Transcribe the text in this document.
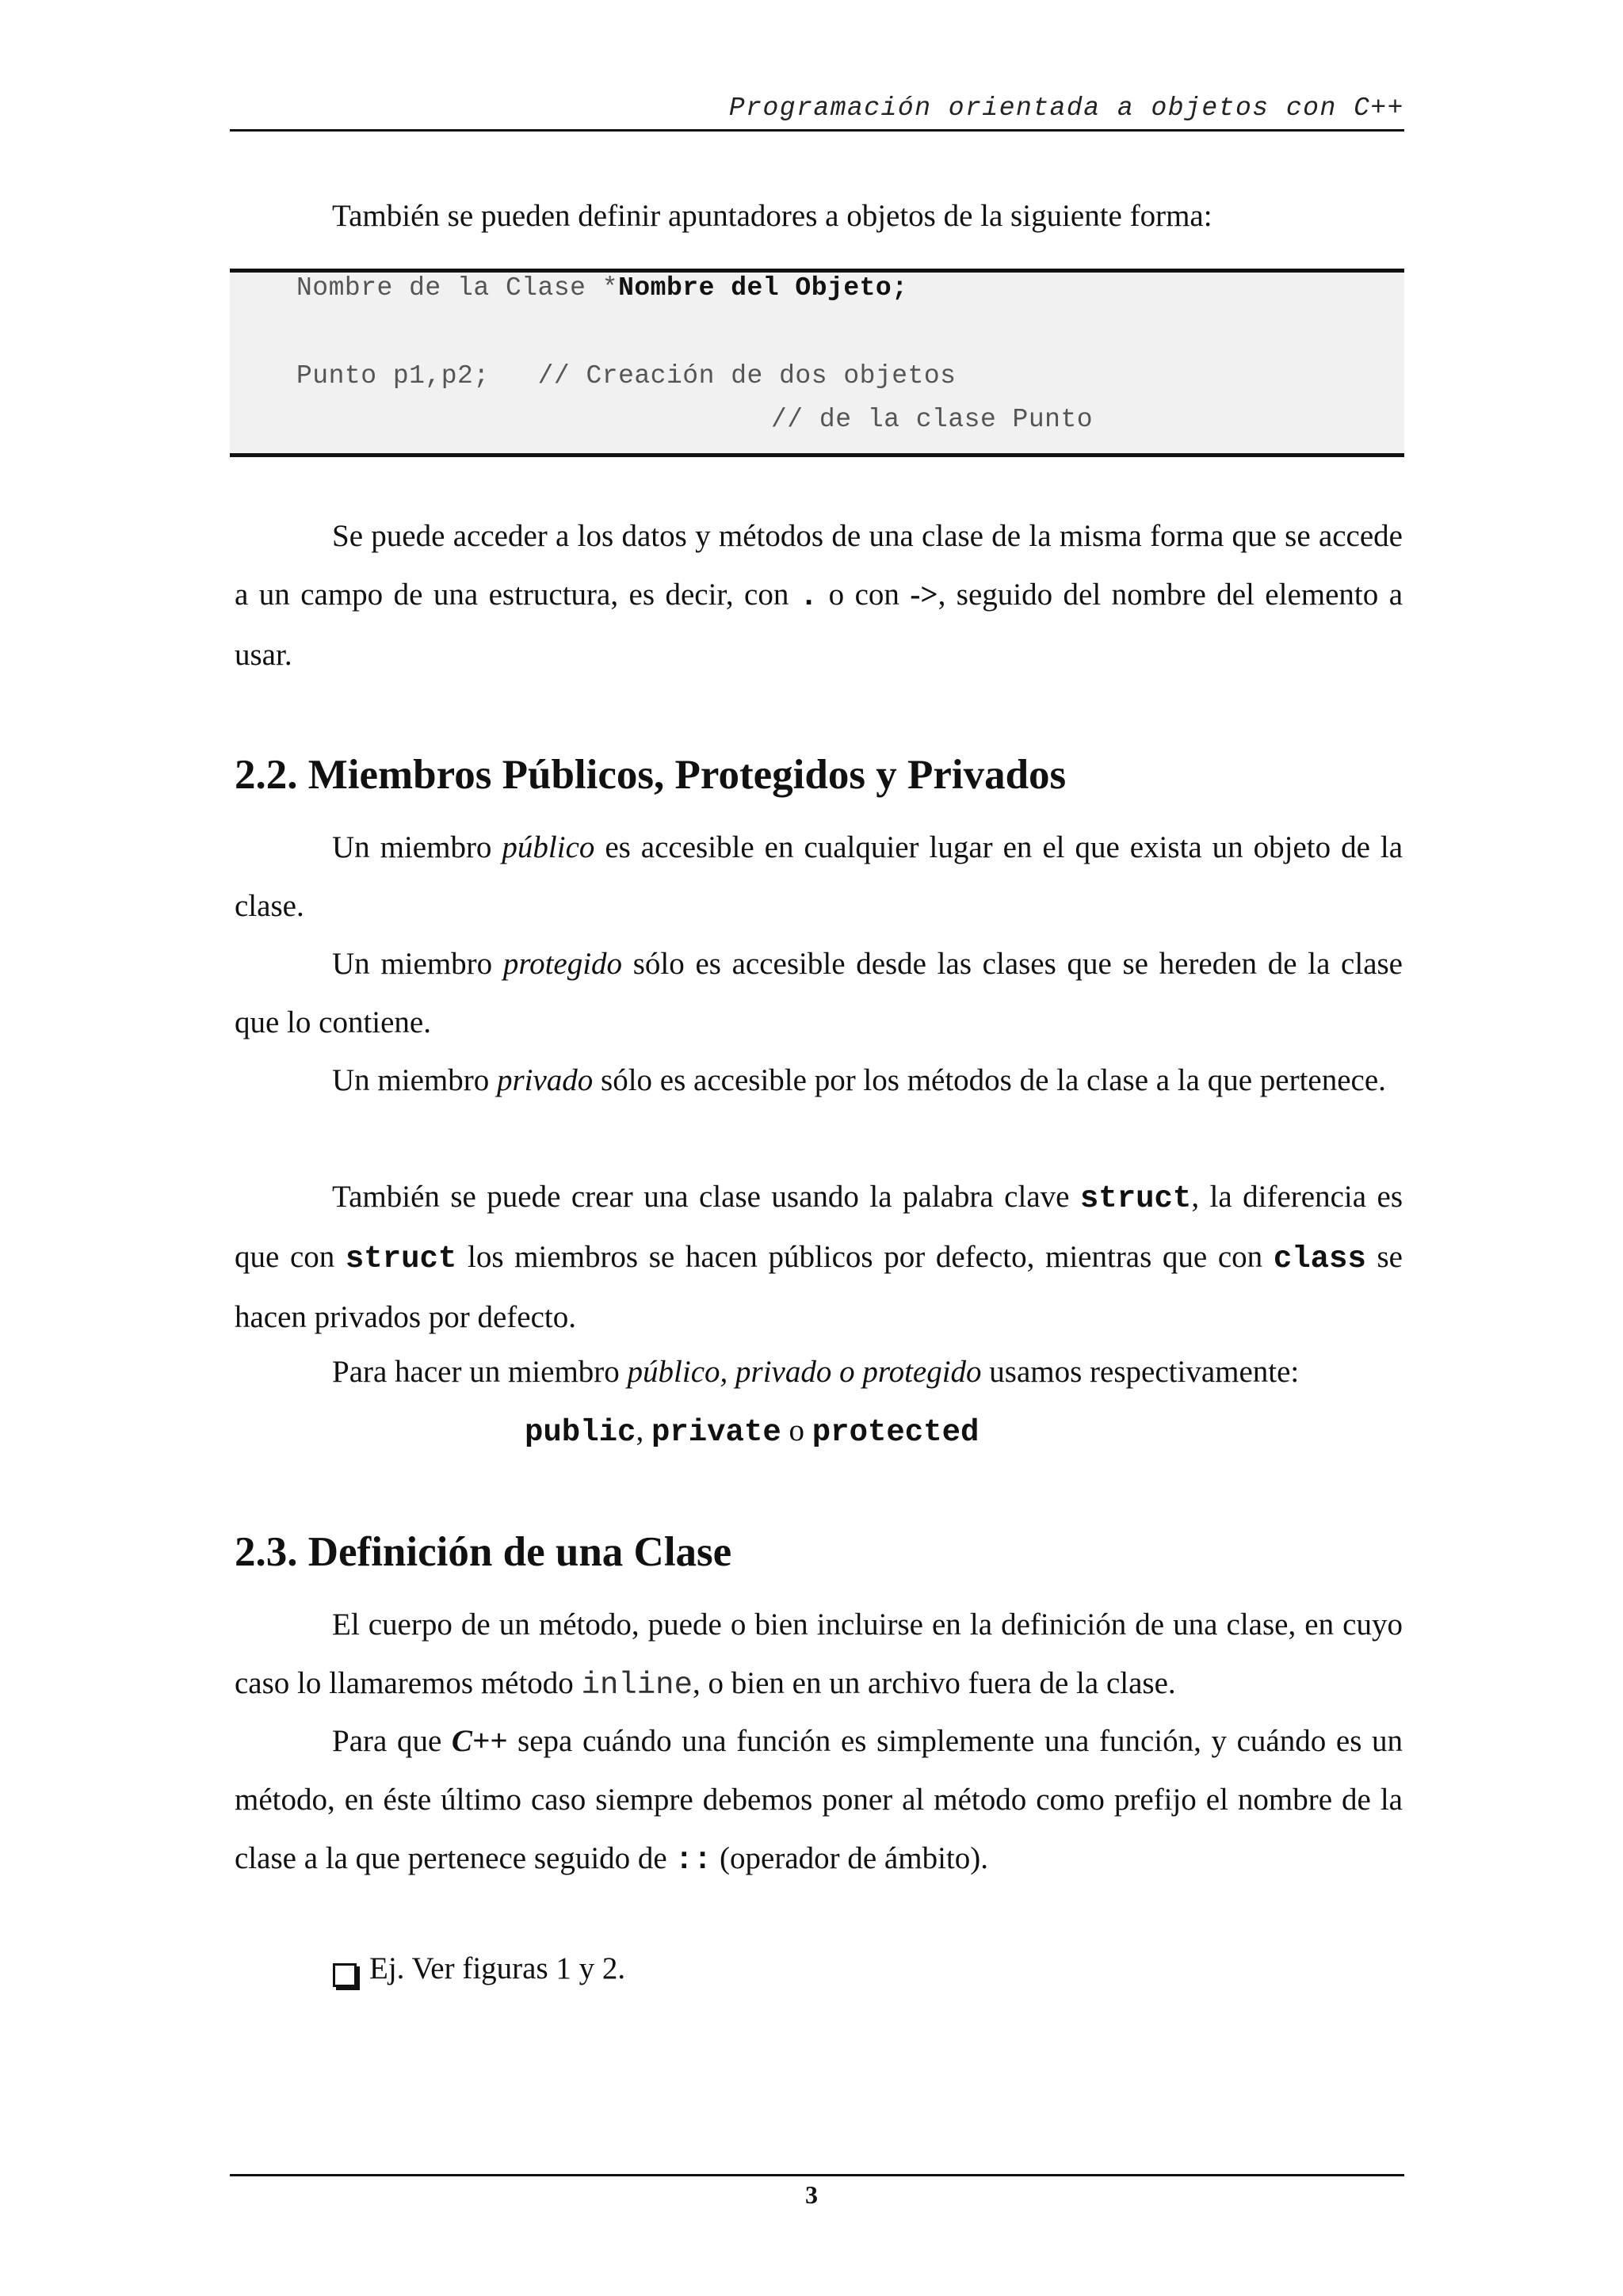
Programación orientada a objetos con C++
También se pueden definir apuntadores a objetos de la siguiente forma:
Nombre de la Clase *Nombre del Objeto;
Punto p1,p2; // Creación de dos objetos
// de la clase Punto
Se puede acceder a los datos y métodos de una clase de la misma forma que se accede a un campo de una estructura, es decir, con . o con ->, seguido del nombre del elemento a usar.
2.2. Miembros Públicos, Protegidos y Privados
Un miembro público es accesible en cualquier lugar en el que exista un objeto de la clase.
Un miembro protegido sólo es accesible desde las clases que se hereden de la clase que lo contiene.
Un miembro privado sólo es accesible por los métodos de la clase a la que pertenece.
También se puede crear una clase usando la palabra clave struct, la diferencia es que con struct los miembros se hacen públicos por defecto, mientras que con class se hacen privados por defecto.
Para hacer un miembro público, privado o protegido usamos respectivamente:
public, private o protected
2.3. Definición de una Clase
El cuerpo de un método, puede o bien incluirse en la definición de una clase, en cuyo caso lo llamaremos método inline, o bien en un archivo fuera de la clase.
Para que C++ sepa cuándo una función es simplemente una función, y cuándo es un método, en éste último caso siempre debemos poner al método como prefijo el nombre de la clase a la que pertenece seguido de :: (operador de ámbito).
Ej. Ver figuras 1 y 2.
3
